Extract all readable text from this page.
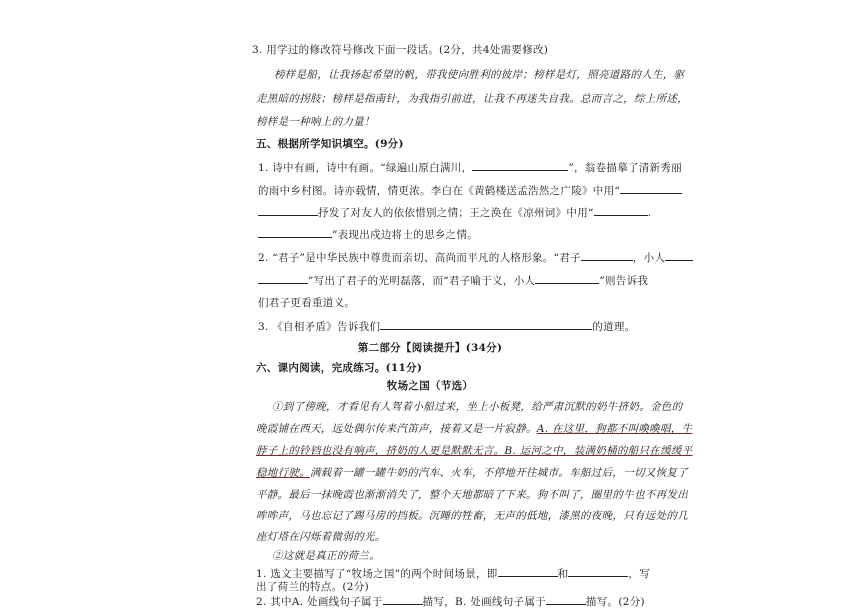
3. 用学过的修改符号修改下面一段话。(2分，共4处需要修改)
榜样是船，让我扬起希望的帆，带我使向胜利的彼岸；榜样是灯，照亮道路的人生，驱
走黑暗的拐肢；榜样是指南针，为我指引前进，让我不再迷失自我。总而言之，综上所述，
榜样是一种响上的力量！
五、根据所学知识填空。(9分)
1. 诗中有画，诗中有画。“绿遍山原白满川，	”，翁卷描摹了清新秀丽
的雨中乡村图。诗亦载情，情更浓。李白在《黄鹤楼送孟浩然之广陵》中用“
抒发了对友人的依依惜别之情；王之涣在《凉州词》中用“	.
”表现出戍边将士的思乡之情。
2. “君子”是中华民族中尊贵而亲切、高尚而平凡的人格形象。“君子	，小人
”写出了君子的光明磊落，而“君子喻于义，小人	”则告诉我
们君子更看重道义。
3. 《自相矛盾》告诉我们	的道理。
第二部分【阅读提升】(34分)
六、课内阅读，完成练习。(11分)
牧场之国（节选）
①到了傍晚，才看见有人驾着小船过来，坐上小板凳，给严肃沉默的奶牛挤奶。金色的
晚霞铺在西天，远处偶尔传来汽笛声，接着又是一片寂静。A. 在这里，狗都不叫喚喚唱，牛
脖子上的铃铛也没有响声，挤奶的人更是默默无言。B. 运河之中，装满奶桶的船只在缓缓平
稳地行驶。满载着一罐一罐牛奶的汽车、火车，不停地开往城市。车船过后，一切又恢复了
平静。最后一抹晚霞也渐渐消失了，整个天地都暗了下来。狗不叫了，圈里的牛也不再发出
哞哞声，马也忘记了踢马房的挡板。沉睡的牲畜，无声的低地，漆黑的夜晚，只有远处的几
座灯塔在闪烁着微弱的光。
②这就是真正的荷兰。
1. 选文主要描写了“牧场之国”的两个时间场景，即	和	，写
出了荷兰的特点。(2分)
2. 其中A. 处画线句子属于	描写，B. 处画线句子属于	描写。(2分)
